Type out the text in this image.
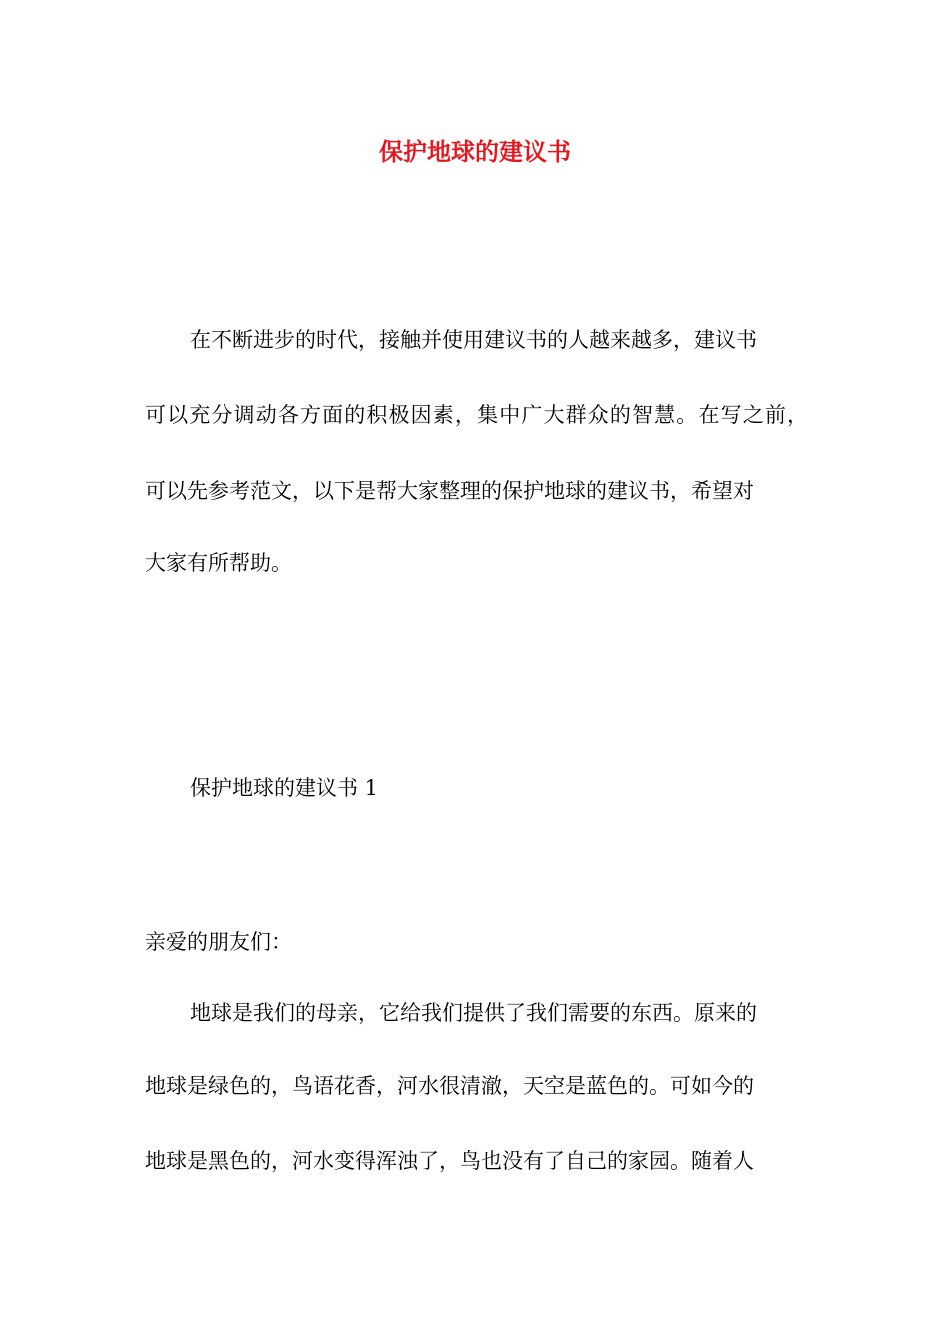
保护地球的建议书
在不断进步的时代，接触并使用建议书的人越来越多，建议书
可以充分调动各方面的积极因素，集中广大群众的智慧。在写之前，
可以先参考范文，以下是帮大家整理的保护地球的建议书，希望对
大家有所帮助。
保护地球的建议书 1
亲爱的朋友们：
地球是我们的母亲，它给我们提供了我们需要的东西。原来的
地球是绿色的，鸟语花香，河水很清澈，天空是蓝色的。可如今的
地球是黑色的，河水变得浑浊了，鸟也没有了自己的家园。随着人
